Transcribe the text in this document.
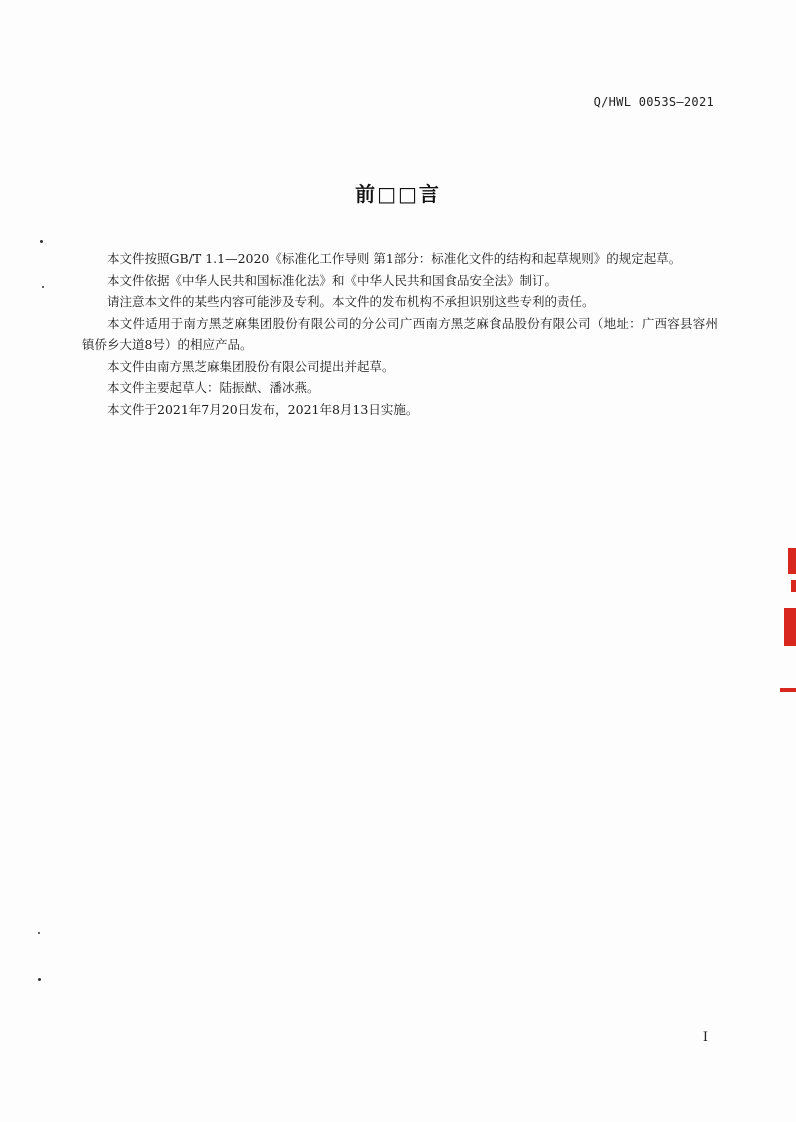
Q/HWL 0053S—2021
前□□言

本文件按照GB/T 1.1—2020《标准化工作导则 第1部分：标准化文件的结构和起草规则》的规定起草。

本文件依据《中华人民共和国标准化法》和《中华人民共和国食品安全法》制订。

请注意本文件的某些内容可能涉及专利。本文件的发布机构不承担识别这些专利的责任。

本文件适用于南方黑芝麻集团股份有限公司的分公司广西南方黑芝麻食品股份有限公司（地址：广西容县容州镇侨乡大道8号）的相应产品。

本文件由南方黑芝麻集团股份有限公司提出并起草。

本文件主要起草人：陆振猷、潘冰燕。

本文件于2021年7月20日发布，2021年8月13日实施。

I
